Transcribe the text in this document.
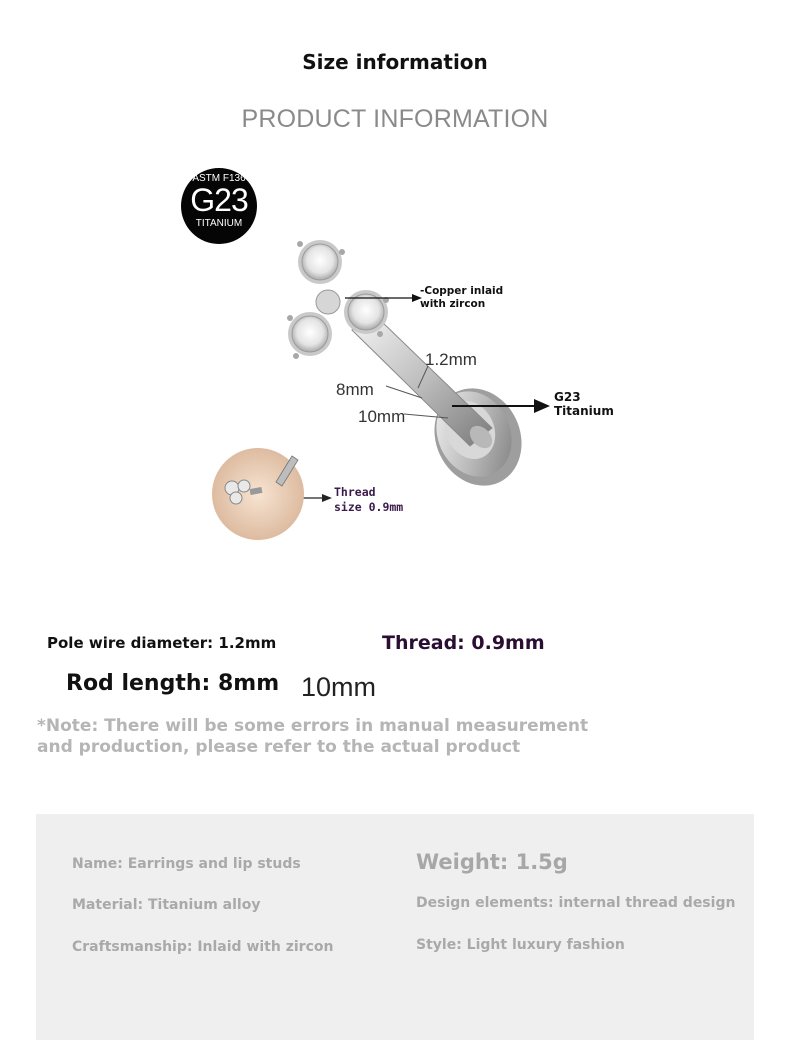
Size information
PRODUCT INFORMATION
ASTM F136
G23
TITANIUM
-Copper inlaid
with zircon
1.2mm
8mm
10mm
G23
Titanium
Thread
size 0.9mm
Pole wire diameter: 1.2mm	Thread: 0.9mm
Rod length: 8mm 10mm
*Note: There will be some errors in manual measurement and production, please refer to the actual product
Name: Earrings and lip studs
Material: Titanium alloy
Craftsmanship: Inlaid with zircon
Weight: 1.5g
Design elements: internal thread design
Style: Light luxury fashion
